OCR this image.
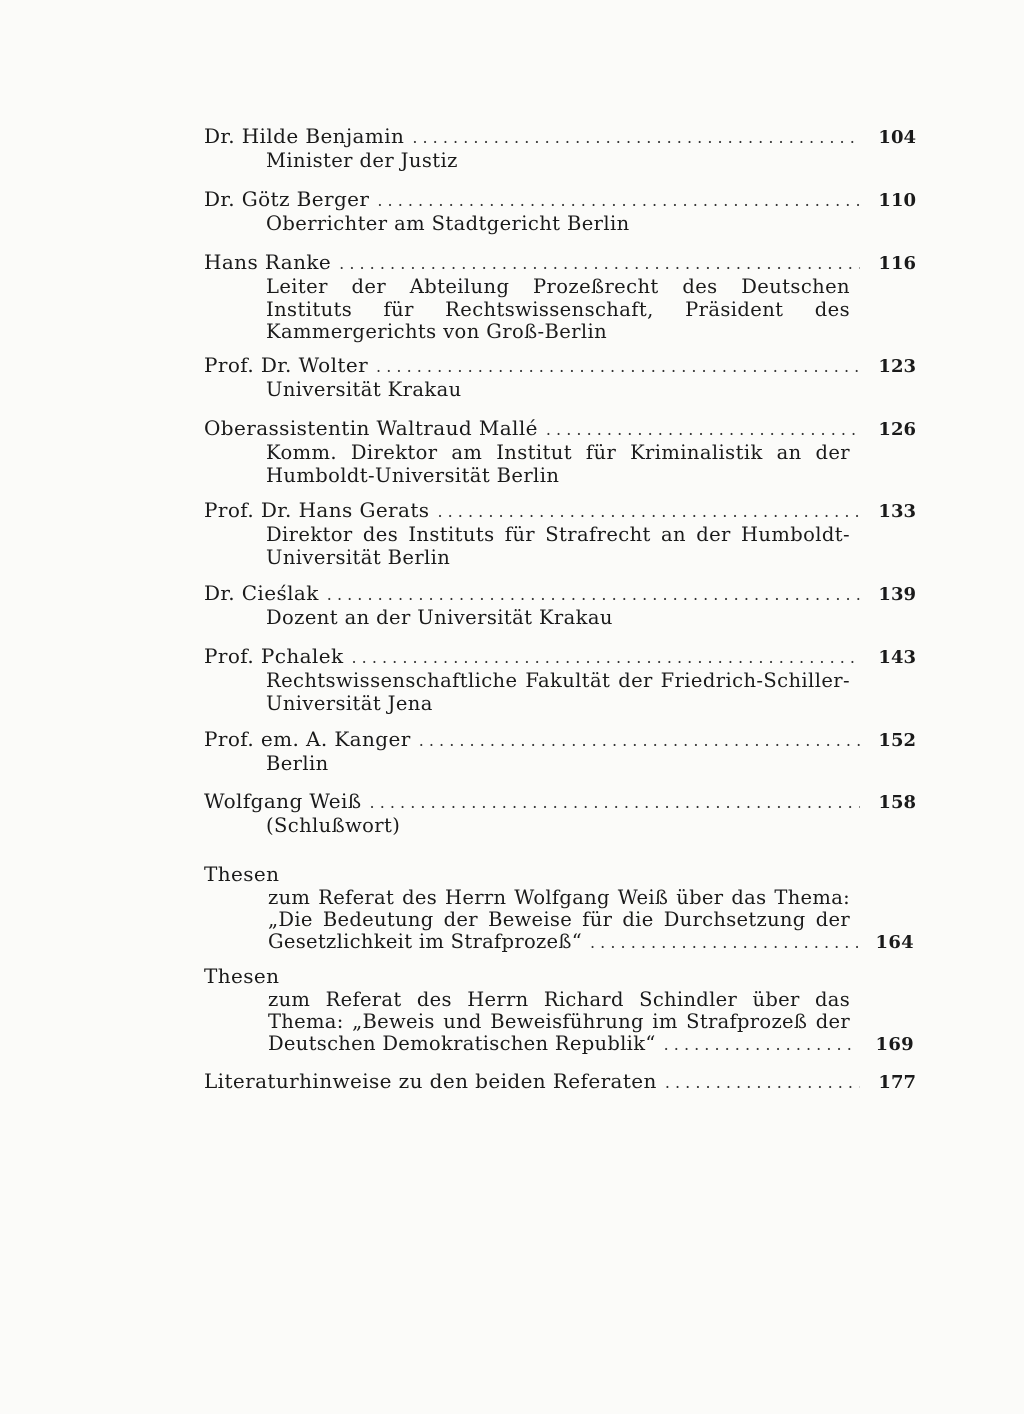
Dr. Hilde Benjamin . . .	104
Minister der Justiz
Dr. Götz Berger . . .	110
Oberrichter am Stadtgericht Berlin
Hans Ranke . . .	116
Leiter der Abteilung Prozeßrecht des Deutschen Instituts für Rechtswissenschaft, Präsident des Kammergerichts von Groß-Berlin
Prof. Dr. Wolter . . .	123
Universität Krakau
Oberassistentin Waltraud Mallé . . .	126
Komm. Direktor am Institut für Kriminalistik an der Humboldt-Universität Berlin
Prof. Dr. Hans Gerats . . .	133
Direktor des Instituts für Strafrecht an der Humboldt-Universität Berlin
Dr. Cieślak . . .	139
Dozent an der Universität Krakau
Prof. Pchalek . . .	143
Rechtswissenschaftliche Fakultät der Friedrich-Schiller-Universität Jena
Prof. em. A. Kanger . . .	152
Berlin
Wolfgang Weiß . . .	158
(Schlußwort)
Thesen
zum Referat des Herrn Wolfgang Weiß über das Thema:
„Die Bedeutung der Beweise für die Durchsetzung der
Gesetzlichkeit im Strafprozeß“ . . .	164
Thesen
zum Referat des Herrn Richard Schindler über das
Thema: „Beweis und Beweisführung im Strafprozeß der
Deutschen Demokratischen Republik“ . . .	169
Literaturhinweise zu den beiden Referaten . . .	177
